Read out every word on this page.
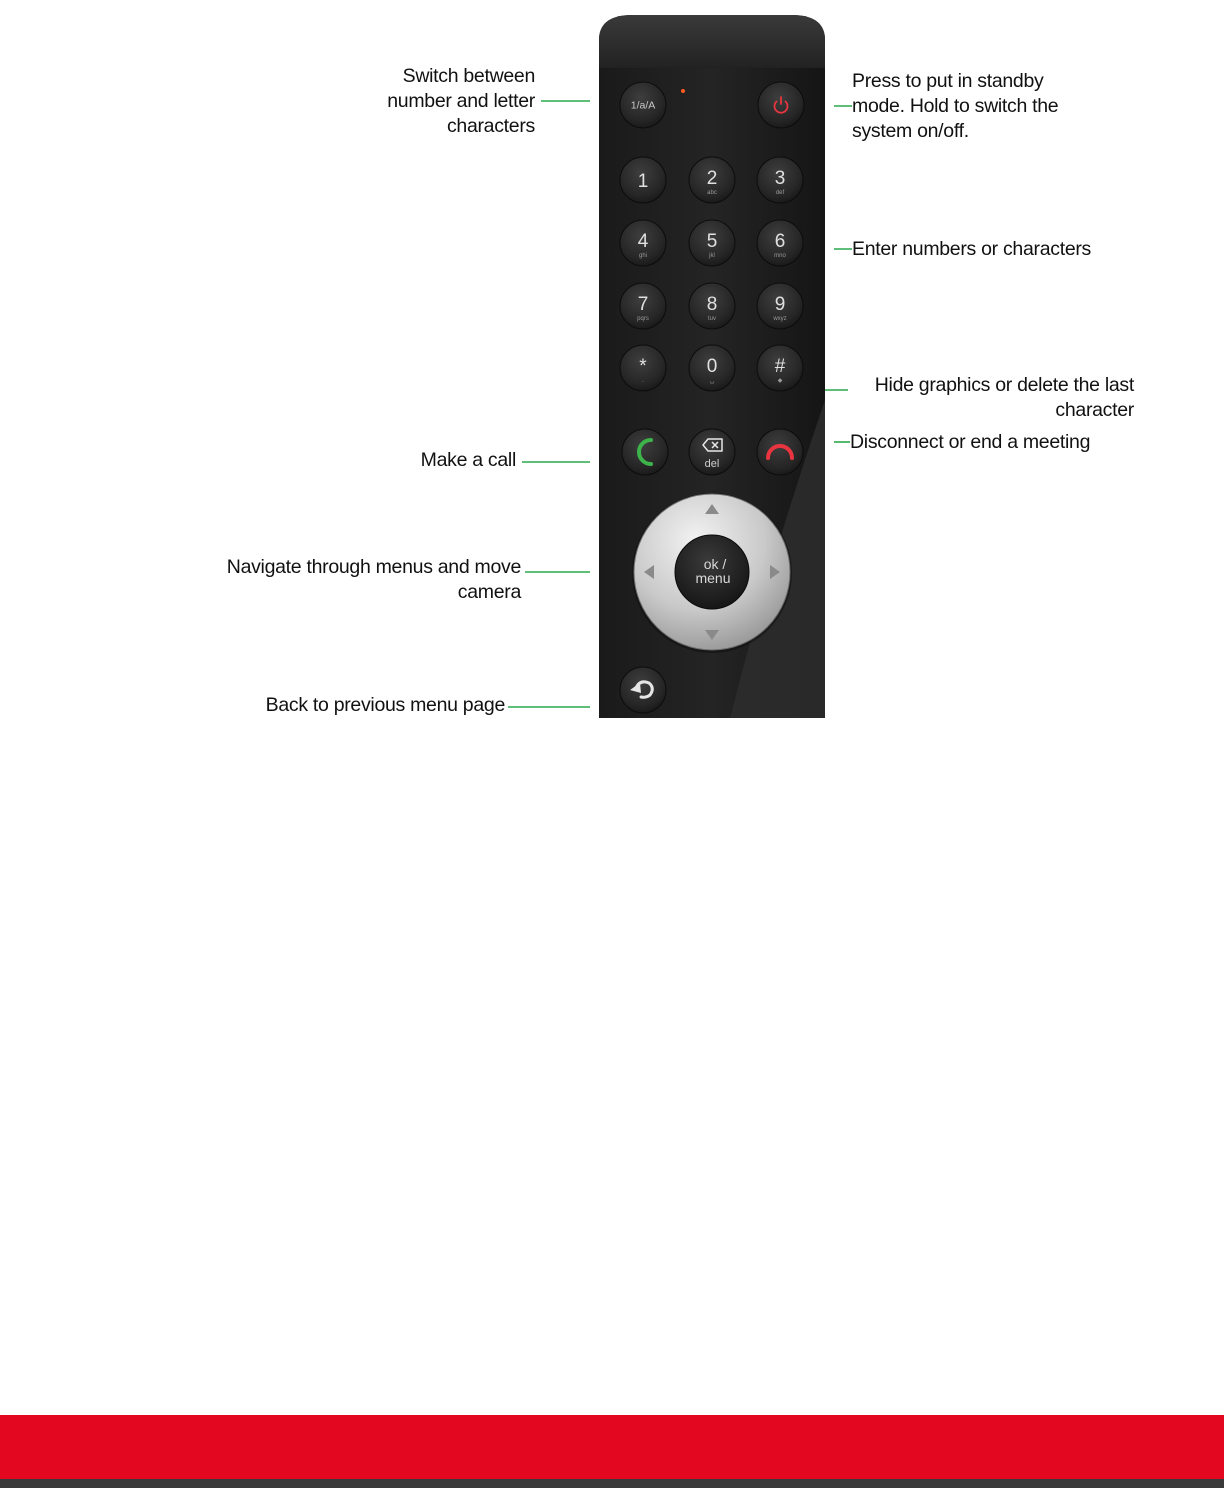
Switch between
number and letter
characters
Make a call
Navigate through menus and move
camera
Back to previous menu page
Press to put in standby
mode. Hold to switch the
system on/off.
Enter numbers or characters
Hide graphics or delete the last
character
Disconnect or end a meeting
1/a/A
1	2
abc
3
def
4
ghi
5
jkl
6
mno
7
pqrs
8
tuv
9
wxyz
*
.
0
␣
#
◆
del
ok /
menu
